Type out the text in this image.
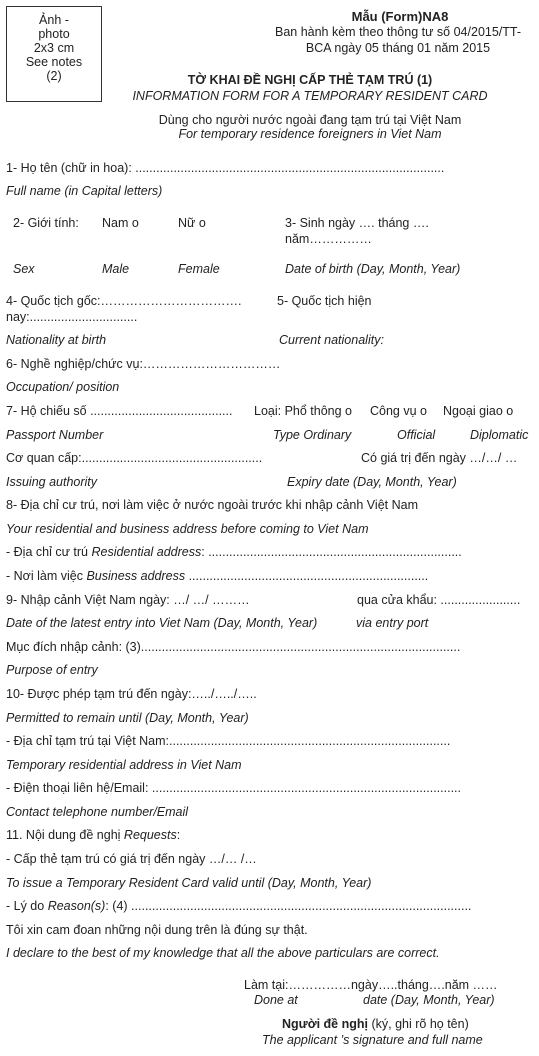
Ảnh -
photo
2x3 cm
See notes
(2)
Mẫu (Form)NA8
Ban hành kèm theo thông tư số 04/2015/TT-
BCA ngày 05 tháng 01 năm 2015
TỜ KHAI ĐỀ NGHỊ CẤP THẺ TẠM TRÚ (1)
INFORMATION FORM FOR A TEMPORARY RESIDENT CARD
Dùng cho người nước ngoài đang tạm trú tại Việt Nam
For temporary residence foreigners in Viet Nam
1- Họ tên (chữ in hoa): .........................................................................................
Full name (in Capital letters)
2- Giới tính: Nam o	Nữ o	3- Sinh ngày …. tháng ….
năm……………
Sex	Male	Female	Date of birth (Day, Month, Year)
4- Quốc tịch gốc:…………………………….	5- Quốc tịch hiện
nay:...............................
Nationality at birth	Current nationality:
6- Nghề nghiệp/chức vụ:……………………………
Occupation/ position
7- Hộ chiếu số ......................................... Loại: Phổ thông o Công vụ o Ngoại giao o
Passport Number	Type Ordinary	Official	Diplomatic
Cơ quan cấp:....................................................	Có giá trị đến ngày …/…/ …
Issuing authority	Expiry date (Day, Month, Year)
8- Địa chỉ cư trú, nơi làm việc ở nước ngoài trước khi nhập cảnh Việt Nam
Your residential and business address before coming to Viet Nam
- Địa chỉ cư trú Residential address: .........................................................................
- Nơi làm việc Business address .....................................................................
9- Nhập cảnh Việt Nam ngày: …/ …/ ………	qua cửa khẩu: .......................
Date of the latest entry into Viet Nam (Day, Month, Year)	via entry port
Mục đích nhập cảnh: (3)............................................................................................
Purpose of entry
10- Được phép tạm trú đến ngày:…../…../…..
Permitted to remain until (Day, Month, Year)
- Địa chỉ tạm trú tại Việt Nam:.................................................................................
Temporary residential address in Viet Nam
- Điện thoại liên hệ/Email: .........................................................................................
Contact telephone number/Email
11. Nội dung đề nghị Requests:
- Cấp thẻ tạm trú có giá trị đến ngày …/… /…
To issue a Temporary Resident Card valid until (Day, Month, Year)
- Lý do Reason(s): (4) ..................................................................................................
Tôi xin cam đoan những nội dung trên là đúng sự thật.
I declare to the best of my knowledge that all the above particulars are correct.
Làm tại:……………ngày…..tháng….năm ……
Done at	date (Day, Month, Year)
Người đề nghị (ký, ghi rõ họ tên)
The applicant ’s signature and full name
